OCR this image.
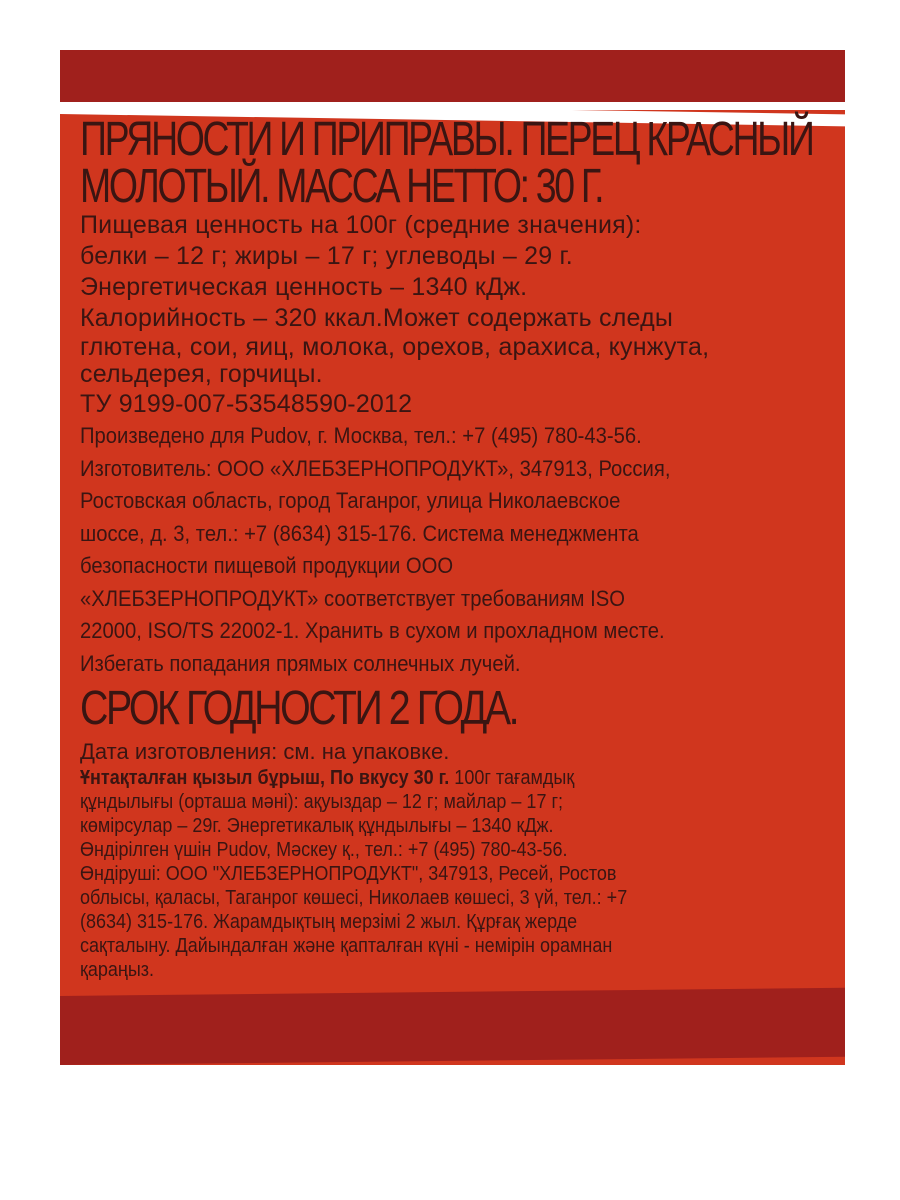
ПРЯНОСТИ И ПРИПРАВЫ. ПЕРЕЦ КРАСНЫЙ
МОЛОТЫЙ. МАССА НЕТТО: 30 Г.
Пищевая ценность на 100г (средние значения):
белки – 12 г; жиры – 17 г; углеводы – 29 г.
Энергетическая ценность – 1340 кДж.
Калорийность – 320 ккал.Может содержать следы
глютена, сои, яиц, молока, орехов, арахиса, кунжута,
сельдерея, горчицы.
ТУ 9199-007-53548590-2012
Произведено для Pudov, г. Москва, тел.: +7 (495) 780-43-56.
Изготовитель: ООО «ХЛЕБЗЕРНОПРОДУКТ», 347913, Россия,
Ростовская область, город Таганрог, улица Николаевское
шоссе, д. 3, тел.: +7 (8634) 315-176. Система менеджмента
безопасности пищевой продукции ООО
«ХЛЕБЗЕРНОПРОДУКТ» соответствует требованиям ISO
22000, ISO/TS 22002-1. Хранить в сухом и прохладном месте.
Избегать попадания прямых солнечных лучей.
СРОК ГОДНОСТИ 2 ГОДА.
Дата изготовления: см. на упаковке.
Ұнтақталған қызыл бұрыш, По вкусу 30 г. 100г тағамдық
құндылығы (орташа мәні): ақуыздар – 12 г; майлар – 17 г;
көмірсулар – 29г. Энергетикалық құндылығы – 1340 кДж.
Өндірілген үшін Pudov, Мәскеу қ., тел.: +7 (495) 780-43-56.
Өндіруші: ООО "ХЛЕБЗЕРНОПРОДУКТ", 347913, Ресей, Ростов
облысы, қаласы, Таганрог көшесі, Николаев көшесі, 3 үй, тел.: +7
(8634) 315-176. Жарамдықтың мерзімі 2 жыл. Құрғақ жерде
сақталыну. Дайындалған және қапталған күні - немірін орамнан
қараңыз.
